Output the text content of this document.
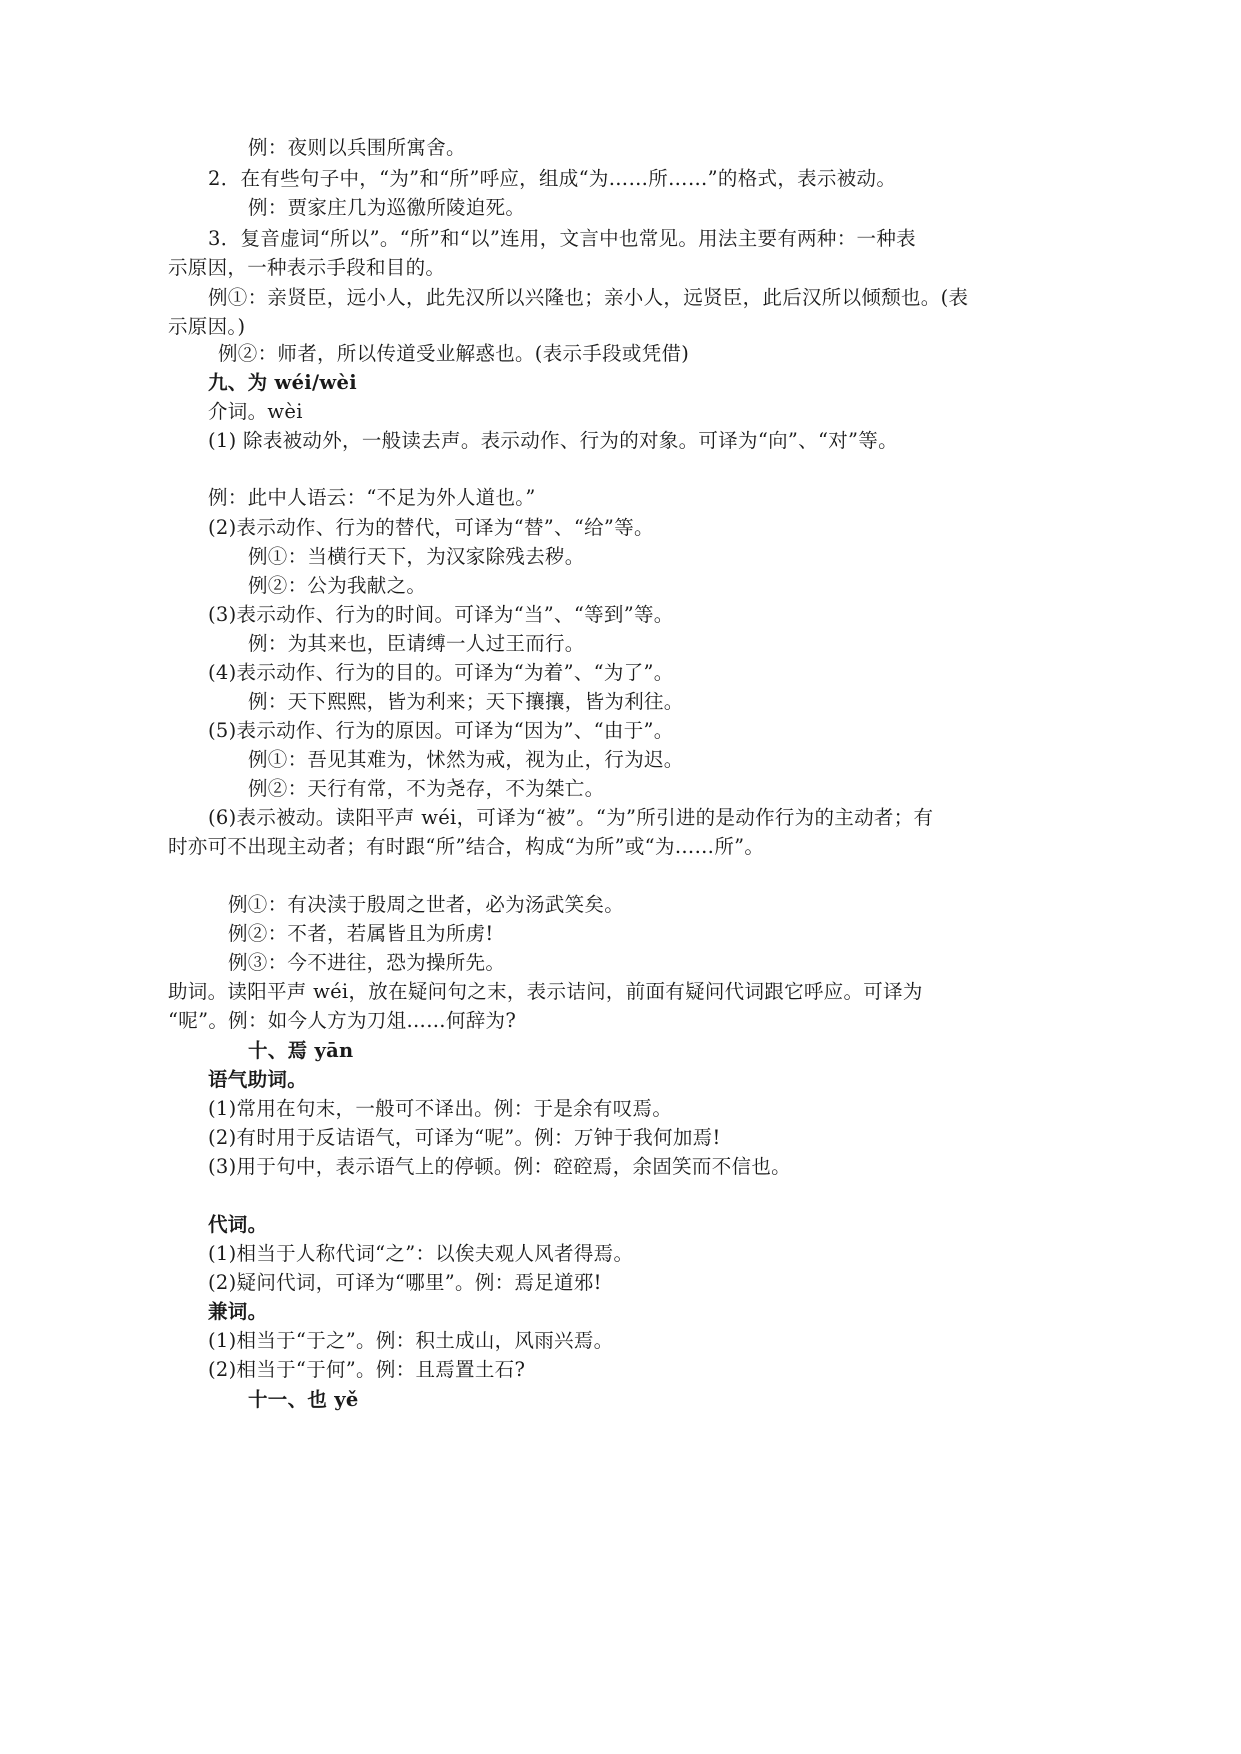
例：夜则以兵围所寓舍。
2．在有些句子中，“为”和“所”呼应，组成“为……所……”的格式，表示被动。
例：贾家庄几为巡徼所陵迫死。
3．复音虚词“所以”。“所”和“以”连用，文言中也常见。用法主要有两种：一种表
示原因，一种表示手段和目的。
例①：亲贤臣，远小人，此先汉所以兴隆也；亲小人，远贤臣，此后汉所以倾颓也。(表
示原因。)
例②：师者，所以传道受业解惑也。(表示手段或凭借)
九、为 wéi/wèi
介词。wèi
(1) 除表被动外，一般读去声。表示动作、行为的对象。可译为“向”、“对”等。
例：此中人语云：“不足为外人道也。”
(2)表示动作、行为的替代，可译为“替”、“给”等。
例①：当横行天下，为汉家除残去秽。
例②：公为我献之。
(3)表示动作、行为的时间。可译为“当”、“等到”等。
例：为其来也，臣请缚一人过王而行。
(4)表示动作、行为的目的。可译为“为着”、“为了”。
例：天下熙熙，皆为利来；天下攘攘，皆为利往。
(5)表示动作、行为的原因。可译为“因为”、“由于”。
例①：吾见其难为，怵然为戒，视为止，行为迟。
例②：天行有常，不为尧存，不为桀亡。
(6)表示被动。读阳平声 wéi，可译为“被”。“为”所引进的是动作行为的主动者；有
时亦可不出现主动者；有时跟“所”结合，构成“为所”或“为……所”。
例①：有决渎于殷周之世者，必为汤武笑矣。
例②：不者，若属皆且为所虏!
例③：今不进往，恐为操所先。
助词。读阳平声 wéi，放在疑问句之末，表示诘问，前面有疑问代词跟它呼应。可译为
“呢”。例：如今人方为刀俎……何辞为?
十、焉 yān
语气助词。
(1)常用在句末，一般可不译出。例：于是余有叹焉。
(2)有时用于反诘语气，可译为“呢”。例：万钟于我何加焉!
(3)用于句中，表示语气上的停顿。例：硿硿焉，余固笑而不信也。
代词。
(1)相当于人称代词“之”：以俟夫观人风者得焉。
(2)疑问代词，可译为“哪里”。例：焉足道邪!
兼词。
(1)相当于“于之”。例：积土成山，风雨兴焉。
(2)相当于“于何”。例：且焉置土石?
十一、也 yě
